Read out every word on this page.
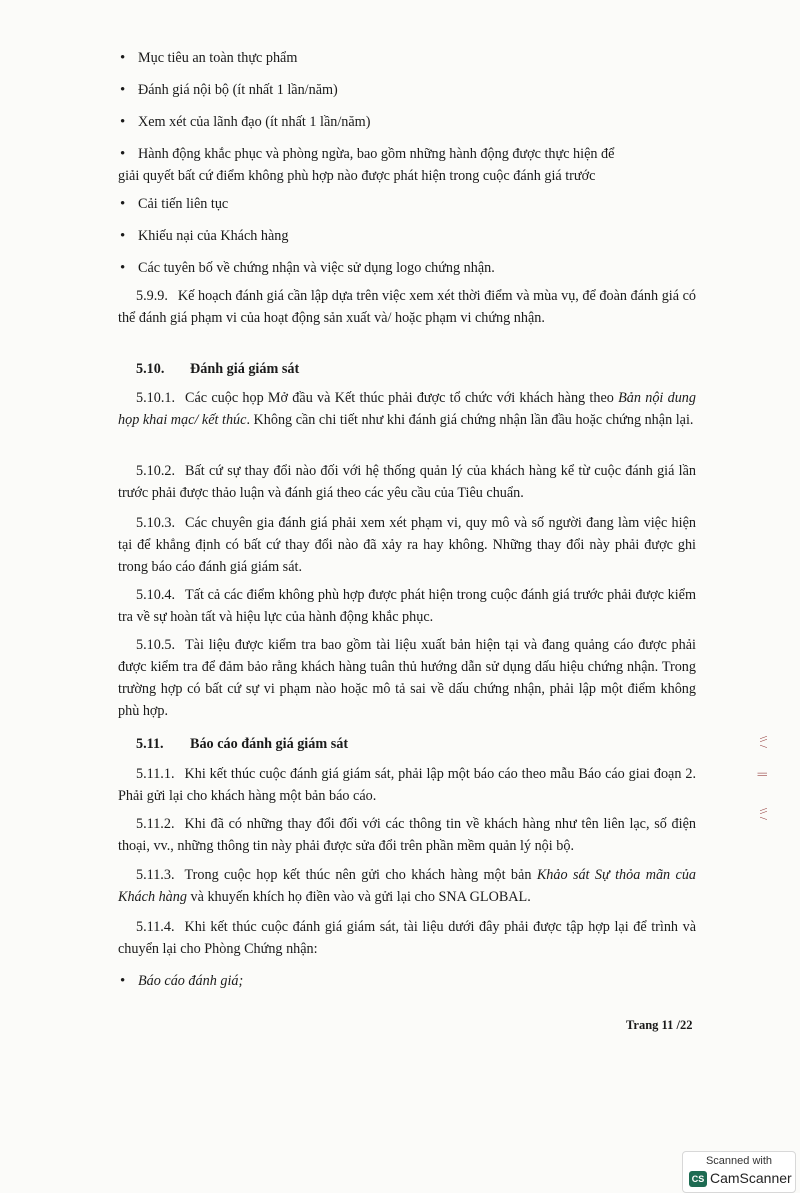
• Mục tiêu an toàn thực phẩm
• Đánh giá nội bộ (ít nhất 1 lần/năm)
• Xem xét của lãnh đạo (ít nhất 1 lần/năm)
• Hành động khắc phục và phòng ngừa, bao gồm những hành động được thực hiện để
giải quyết bất cứ điểm không phù hợp nào được phát hiện trong cuộc đánh giá trước
• Cải tiến liên tục
• Khiếu nại của Khách hàng
• Các tuyên bố về chứng nhận và việc sử dụng logo chứng nhận.
5.9.9. Kế hoạch đánh giá cần lập dựa trên việc xem xét thời điểm và mùa vụ, để đoàn đánh giá có thể đánh giá phạm vi của hoạt động sản xuất và/ hoặc phạm vi chứng nhận.
5.10. Đánh giá giám sát
5.10.1. Các cuộc họp Mở đầu và Kết thúc phải được tổ chức với khách hàng theo Bản nội dung họp khai mạc/ kết thúc. Không cần chi tiết như khi đánh giá chứng nhận lần đầu hoặc chứng nhận lại.
5.10.2. Bất cứ sự thay đổi nào đối với hệ thống quản lý của khách hàng kể từ cuộc đánh giá lần trước phải được thảo luận và đánh giá theo các yêu cầu của Tiêu chuẩn.
5.10.3. Các chuyên gia đánh giá phải xem xét phạm vi, quy mô và số người đang làm việc hiện tại để khẳng định có bất cứ thay đổi nào đã xảy ra hay không. Những thay đổi này phải được ghi trong báo cáo đánh giá giám sát.
5.10.4. Tất cả các điểm không phù hợp được phát hiện trong cuộc đánh giá trước phải được kiểm tra về sự hoàn tất và hiệu lực của hành động khắc phục.
5.10.5. Tài liệu được kiểm tra bao gồm tài liệu xuất bản hiện tại và đang quảng cáo được phải được kiểm tra để đảm bảo rằng khách hàng tuân thủ hướng dẫn sử dụng dấu hiệu chứng nhận. Trong trường hợp có bất cứ sự vi phạm nào hoặc mô tả sai về dấu chứng nhận, phải lập một điểm không phù hợp.
5.11. Báo cáo đánh giá giám sát
5.11.1. Khi kết thúc cuộc đánh giá giám sát, phải lập một báo cáo theo mẫu Báo cáo giai đoạn 2. Phải gửi lại cho khách hàng một bản báo cáo.
5.11.2. Khi đã có những thay đổi đối với các thông tin về khách hàng như tên liên lạc, số điện thoại, vv., những thông tin này phải được sửa đổi trên phần mềm quản lý nội bộ.
5.11.3. Trong cuộc họp kết thúc nên gửi cho khách hàng một bản Khảo sát Sự thỏa mãn của Khách hàng và khuyến khích họ điền vào và gửi lại cho SNA GLOBAL.
5.11.4. Khi kết thúc cuộc đánh giá giám sát, tài liệu dưới đây phải được tập hợp lại để trình và chuyển lại cho Phòng Chứng nhận:
• Báo cáo đánh giá;
Trang 11 /22
\\ /
||
\\ /
Scanned with
CS CamScanner
